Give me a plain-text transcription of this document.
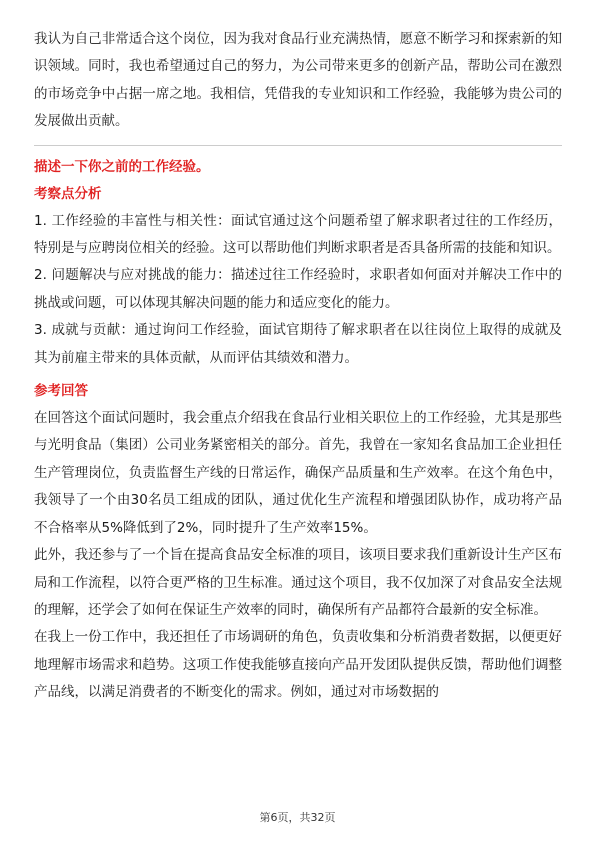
我认为自己非常适合这个岗位，因为我对食品行业充满热情，愿意不断学习和探索新的知识领域。同时，我也希望通过自己的努力，为公司带来更多的创新产品，帮助公司在激烈的市场竞争中占据一席之地。我相信，凭借我的专业知识和工作经验，我能够为贵公司的发展做出贡献。

描述一下你之前的工作经验。

考察点分析

1. 工作经验的丰富性与相关性：面试官通过这个问题希望了解求职者过往的工作经历，特别是与应聘岗位相关的经验。这可以帮助他们判断求职者是否具备所需的技能和知识。

2. 问题解决与应对挑战的能力：描述过往工作经验时，求职者如何面对并解决工作中的挑战或问题，可以体现其解决问题的能力和适应变化的能力。

3. 成就与贡献：通过询问工作经验，面试官期待了解求职者在以往岗位上取得的成就及其为前雇主带来的具体贡献，从而评估其绩效和潜力。

参考回答

在回答这个面试问题时，我会重点介绍我在食品行业相关职位上的工作经验，尤其是那些与光明食品（集团）公司业务紧密相关的部分。首先，我曾在一家知名食品加工企业担任生产管理岗位，负责监督生产线的日常运作，确保产品质量和生产效率。在这个角色中，我领导了一个由30名员工组成的团队，通过优化生产流程和增强团队协作，成功将产品不合格率从5%降低到了2%，同时提升了生产效率15%。

此外，我还参与了一个旨在提高食品安全标准的项目，该项目要求我们重新设计生产区布局和工作流程，以符合更严格的卫生标准。通过这个项目，我不仅加深了对食品安全法规的理解，还学会了如何在保证生产效率的同时，确保所有产品都符合最新的安全标准。

在我上一份工作中，我还担任了市场调研的角色，负责收集和分析消费者数据，以便更好地理解市场需求和趋势。这项工作使我能够直接向产品开发团队提供反馈，帮助他们调整产品线，以满足消费者的不断变化的需求。例如，通过对市场数据的

第6页，共32页
